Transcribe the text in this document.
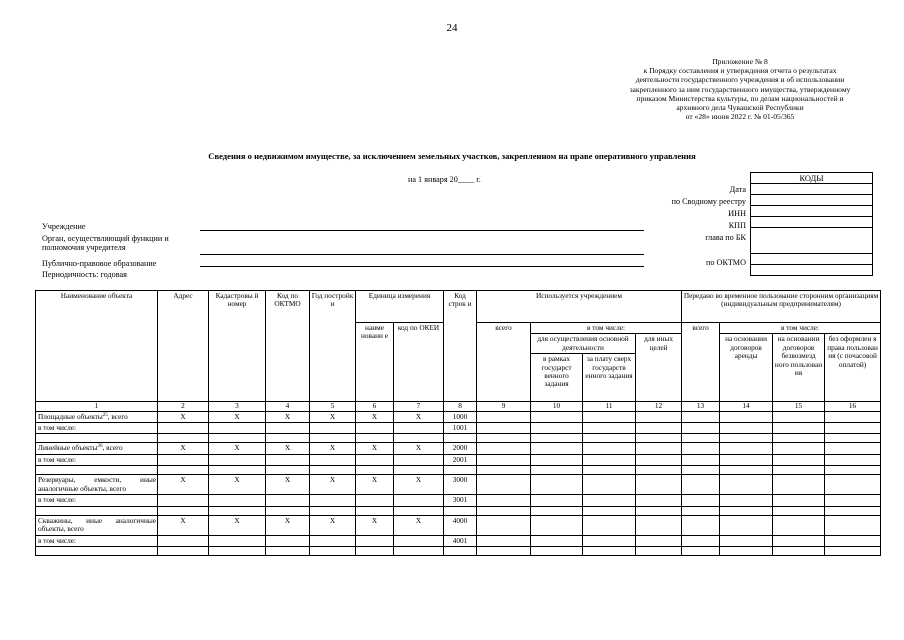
24
Приложение № 8
к Порядку составления и утверждения отчета о результатах
деятельности государственного учреждения и об использовании
закрепленного за ним государственного имущества, утвержденному
приказом Министерства культуры, по делам национальностей и
архивного дела Чувашской Республики
от «28» июня 2022 г. № 01-05/365
Сведения о недвижимом имуществе, за исключением земельных участков, закрепленном на праве оперативного управления
на 1 января 20____ г.	КОДЫ

Дата
по Сводному реестру
ИНН
КПП
глава по БК
по ОКТМО
Учреждение
Орган, осуществляющий функции и
полномочия учредителя
Публично-правовое образование
Периодичность: годовая
Наименование объекта	Адрес	Кадастровы й номер	Код по ОКТМО	Год постройк и	Единица измерения		Код строк и	Используется учреждением				Передано во временное пользование сторонним организациям (индивидуальным предпринимателям)			
					наиме новани е	код по ОКЕИ		всего	в том числе:			всего	в том числе:		
									для осуществления основной деятельности		для иных целей		на основании договоров аренды	на основании договоров безвозмезд ного пользован ия	без оформлен я права пользован ия (с почасовой оплатой)
									в рамках государст венного задания	за плату сверх государств енного задания					
1	2	3	4	5	6	7	8	9	10	11	12	13	14	15	16
Площадные объекты$^{25}$, всего	X	X	X	X	X	X	1000								
в том числе:							1001								

Линейные объекты$^{26}$, всего	X	X	X	X	X	X	2000								
в том числе:							2001								

Резервуары, емкости, иные аналогичные объекты, всего	X	X	X	X	X	X	3000								
в том числе:							3001								

Скважины, иные аналогичные объекты, всего	X	X	X	X	X	X	4000								
в том числе:							4001								
